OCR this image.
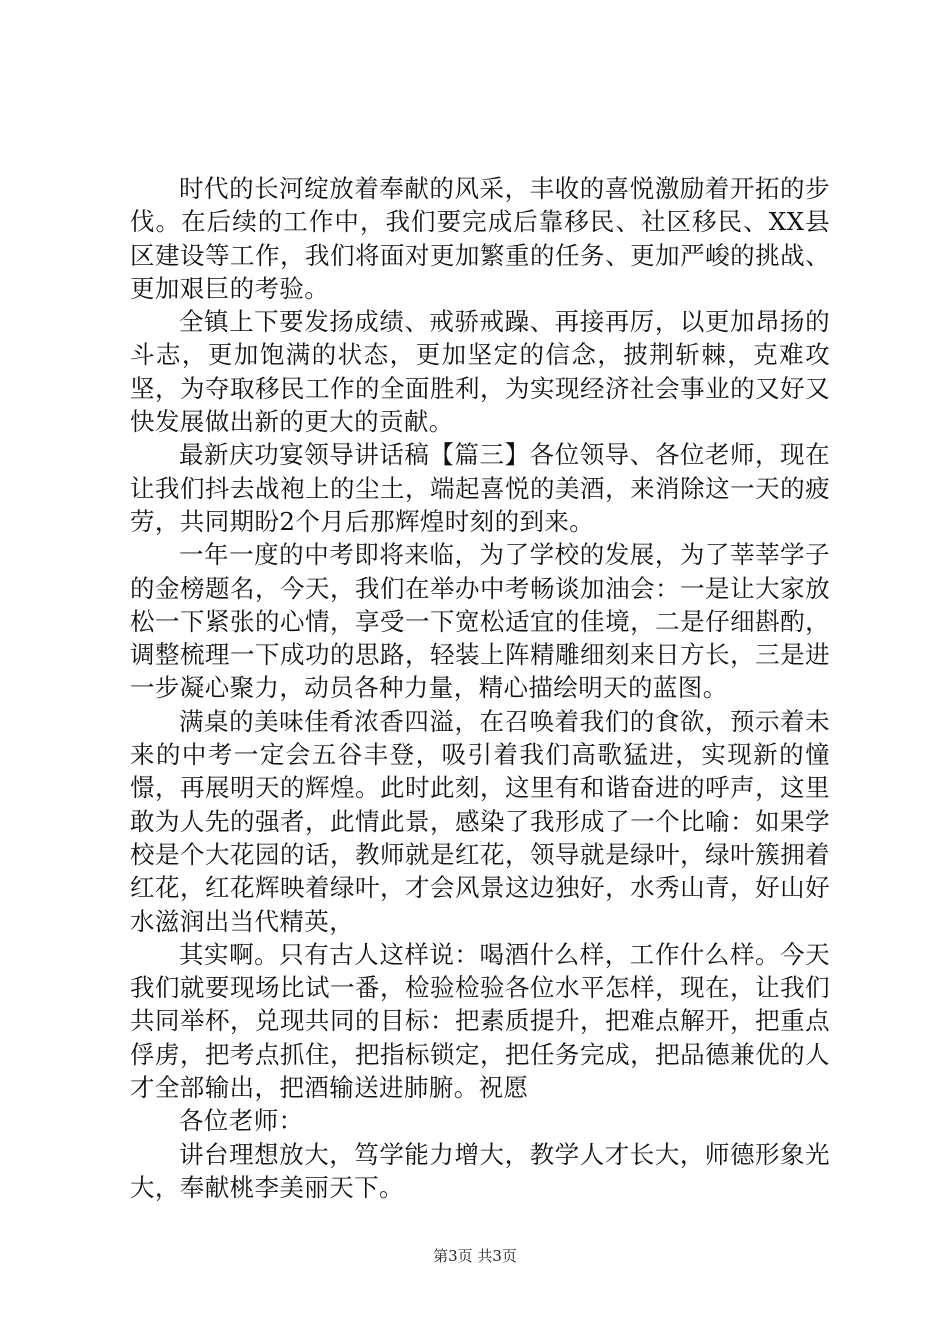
时代的长河绽放着奉献的风采，丰收的喜悦激励着开拓的步伐。在后续的工作中，我们要完成后靠移民、社区移民、XX县区建设等工作，我们将面对更加繁重的任务、更加严峻的挑战、更加艰巨的考验。

全镇上下要发扬成绩、戒骄戒躁、再接再厉，以更加昂扬的斗志，更加饱满的状态，更加坚定的信念，披荆斩棘，克难攻坚，为夺取移民工作的全面胜利，为实现经济社会事业的又好又快发展做出新的更大的贡献。

最新庆功宴领导讲话稿【篇三】各位领导、各位老师，现在让我们抖去战袍上的尘土，端起喜悦的美酒，来消除这一天的疲劳，共同期盼2个月后那辉煌时刻的到来。

一年一度的中考即将来临，为了学校的发展，为了莘莘学子的金榜题名，今天，我们在举办中考畅谈加油会：一是让大家放松一下紧张的心情，享受一下宽松适宜的佳境，二是仔细斟酌，调整梳理一下成功的思路，轻装上阵精雕细刻来日方长，三是进一步凝心聚力，动员各种力量，精心描绘明天的蓝图。

满桌的美味佳肴浓香四溢，在召唤着我们的食欲，预示着未来的中考一定会五谷丰登，吸引着我们高歌猛进，实现新的憧憬，再展明天的辉煌。此时此刻，这里有和谐奋进的呼声，这里敢为人先的强者，此情此景，感染了我形成了一个比喻：如果学校是个大花园的话，教师就是红花，领导就是绿叶，绿叶簇拥着红花，红花辉映着绿叶，才会风景这边独好，水秀山青，好山好水滋润出当代精英，

其实啊。只有古人这样说：喝酒什么样，工作什么样。今天我们就要现场比试一番，检验检验各位水平怎样，现在，让我们共同举杯，兑现共同的目标：把素质提升，把难点解开，把重点俘虏，把考点抓住，把指标锁定，把任务完成，把品德兼优的人才全部输出，把酒输送进肺腑。祝愿

各位老师：

讲台理想放大，笃学能力增大，教学人才长大，师德形象光大，奉献桃李美丽天下。

第3页 共3页
